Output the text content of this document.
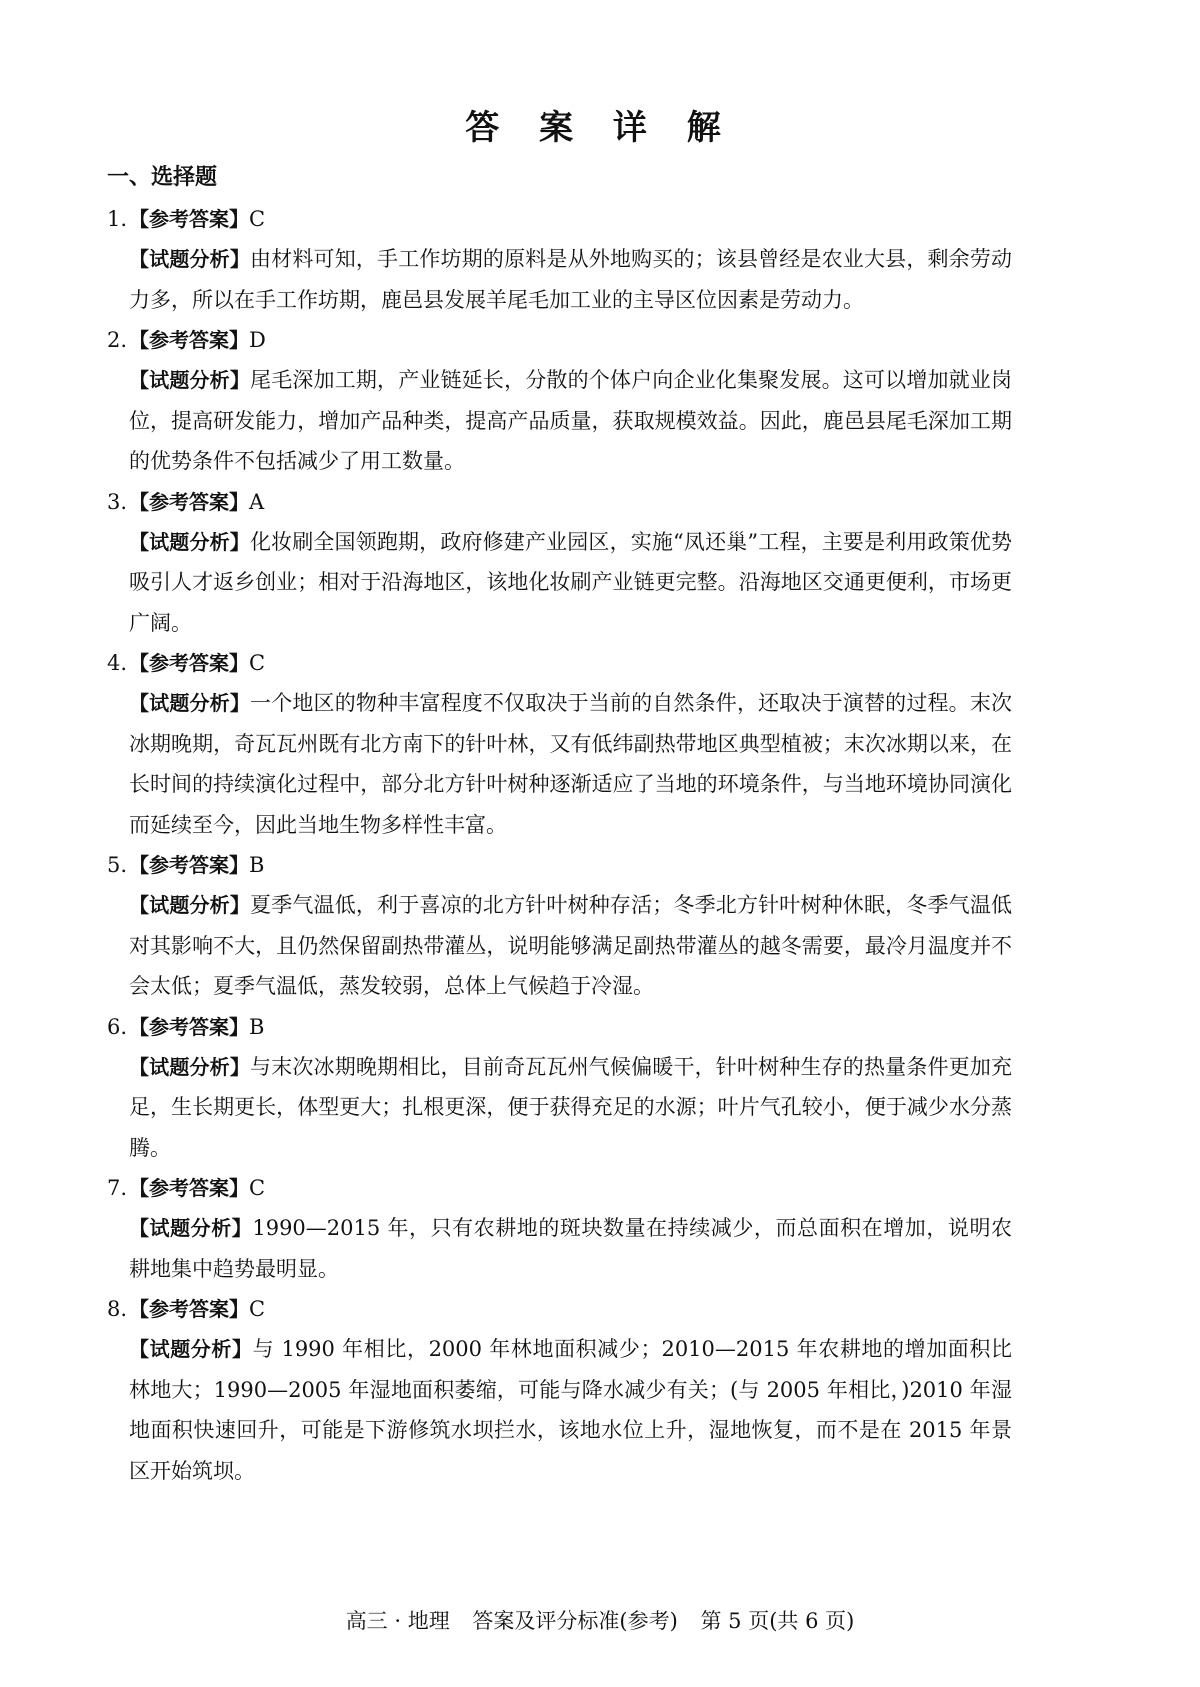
答 案 详 解
一、选择题
1.【参考答案】C
【试题分析】由材料可知，手工作坊期的原料是从外地购买的；该县曾经是农业大县，剩余劳动力多，所以在手工作坊期，鹿邑县发展羊尾毛加工业的主导区位因素是劳动力。
2.【参考答案】D
【试题分析】尾毛深加工期，产业链延长，分散的个体户向企业化集聚发展。这可以增加就业岗位，提高研发能力，增加产品种类，提高产品质量，获取规模效益。因此，鹿邑县尾毛深加工期的优势条件不包括减少了用工数量。
3.【参考答案】A
【试题分析】化妆刷全国领跑期，政府修建产业园区，实施“凤还巢”工程，主要是利用政策优势吸引人才返乡创业；相对于沿海地区，该地化妆刷产业链更完整。沿海地区交通更便利，市场更广阔。
4.【参考答案】C
【试题分析】一个地区的物种丰富程度不仅取决于当前的自然条件，还取决于演替的过程。末次冰期晚期，奇瓦瓦州既有北方南下的针叶林，又有低纬副热带地区典型植被；末次冰期以来，在长时间的持续演化过程中，部分北方针叶树种逐渐适应了当地的环境条件，与当地环境协同演化而延续至今，因此当地生物多样性丰富。
5.【参考答案】B
【试题分析】夏季气温低，利于喜凉的北方针叶树种存活；冬季北方针叶树种休眠，冬季气温低对其影响不大，且仍然保留副热带灌丛，说明能够满足副热带灌丛的越冬需要，最冷月温度并不会太低；夏季气温低，蒸发较弱，总体上气候趋于冷湿。
6.【参考答案】B
【试题分析】与末次冰期晚期相比，目前奇瓦瓦州气候偏暖干，针叶树种生存的热量条件更加充足，生长期更长，体型更大；扎根更深，便于获得充足的水源；叶片气孔较小，便于减少水分蒸腾。
7.【参考答案】C
【试题分析】1990—2015 年，只有农耕地的斑块数量在持续减少，而总面积在增加，说明农耕地集中趋势最明显。
8.【参考答案】C
【试题分析】与 1990 年相比，2000 年林地面积减少；2010—2015 年农耕地的增加面积比林地大；1990—2005 年湿地面积萎缩，可能与降水减少有关；(与 2005 年相比，)2010 年湿地面积快速回升，可能是下游修筑水坝拦水，该地水位上升，湿地恢复，而不是在 2015 年景区开始筑坝。
高三 · 地理 答案及评分标准(参考) 第 5 页(共 6 页)
